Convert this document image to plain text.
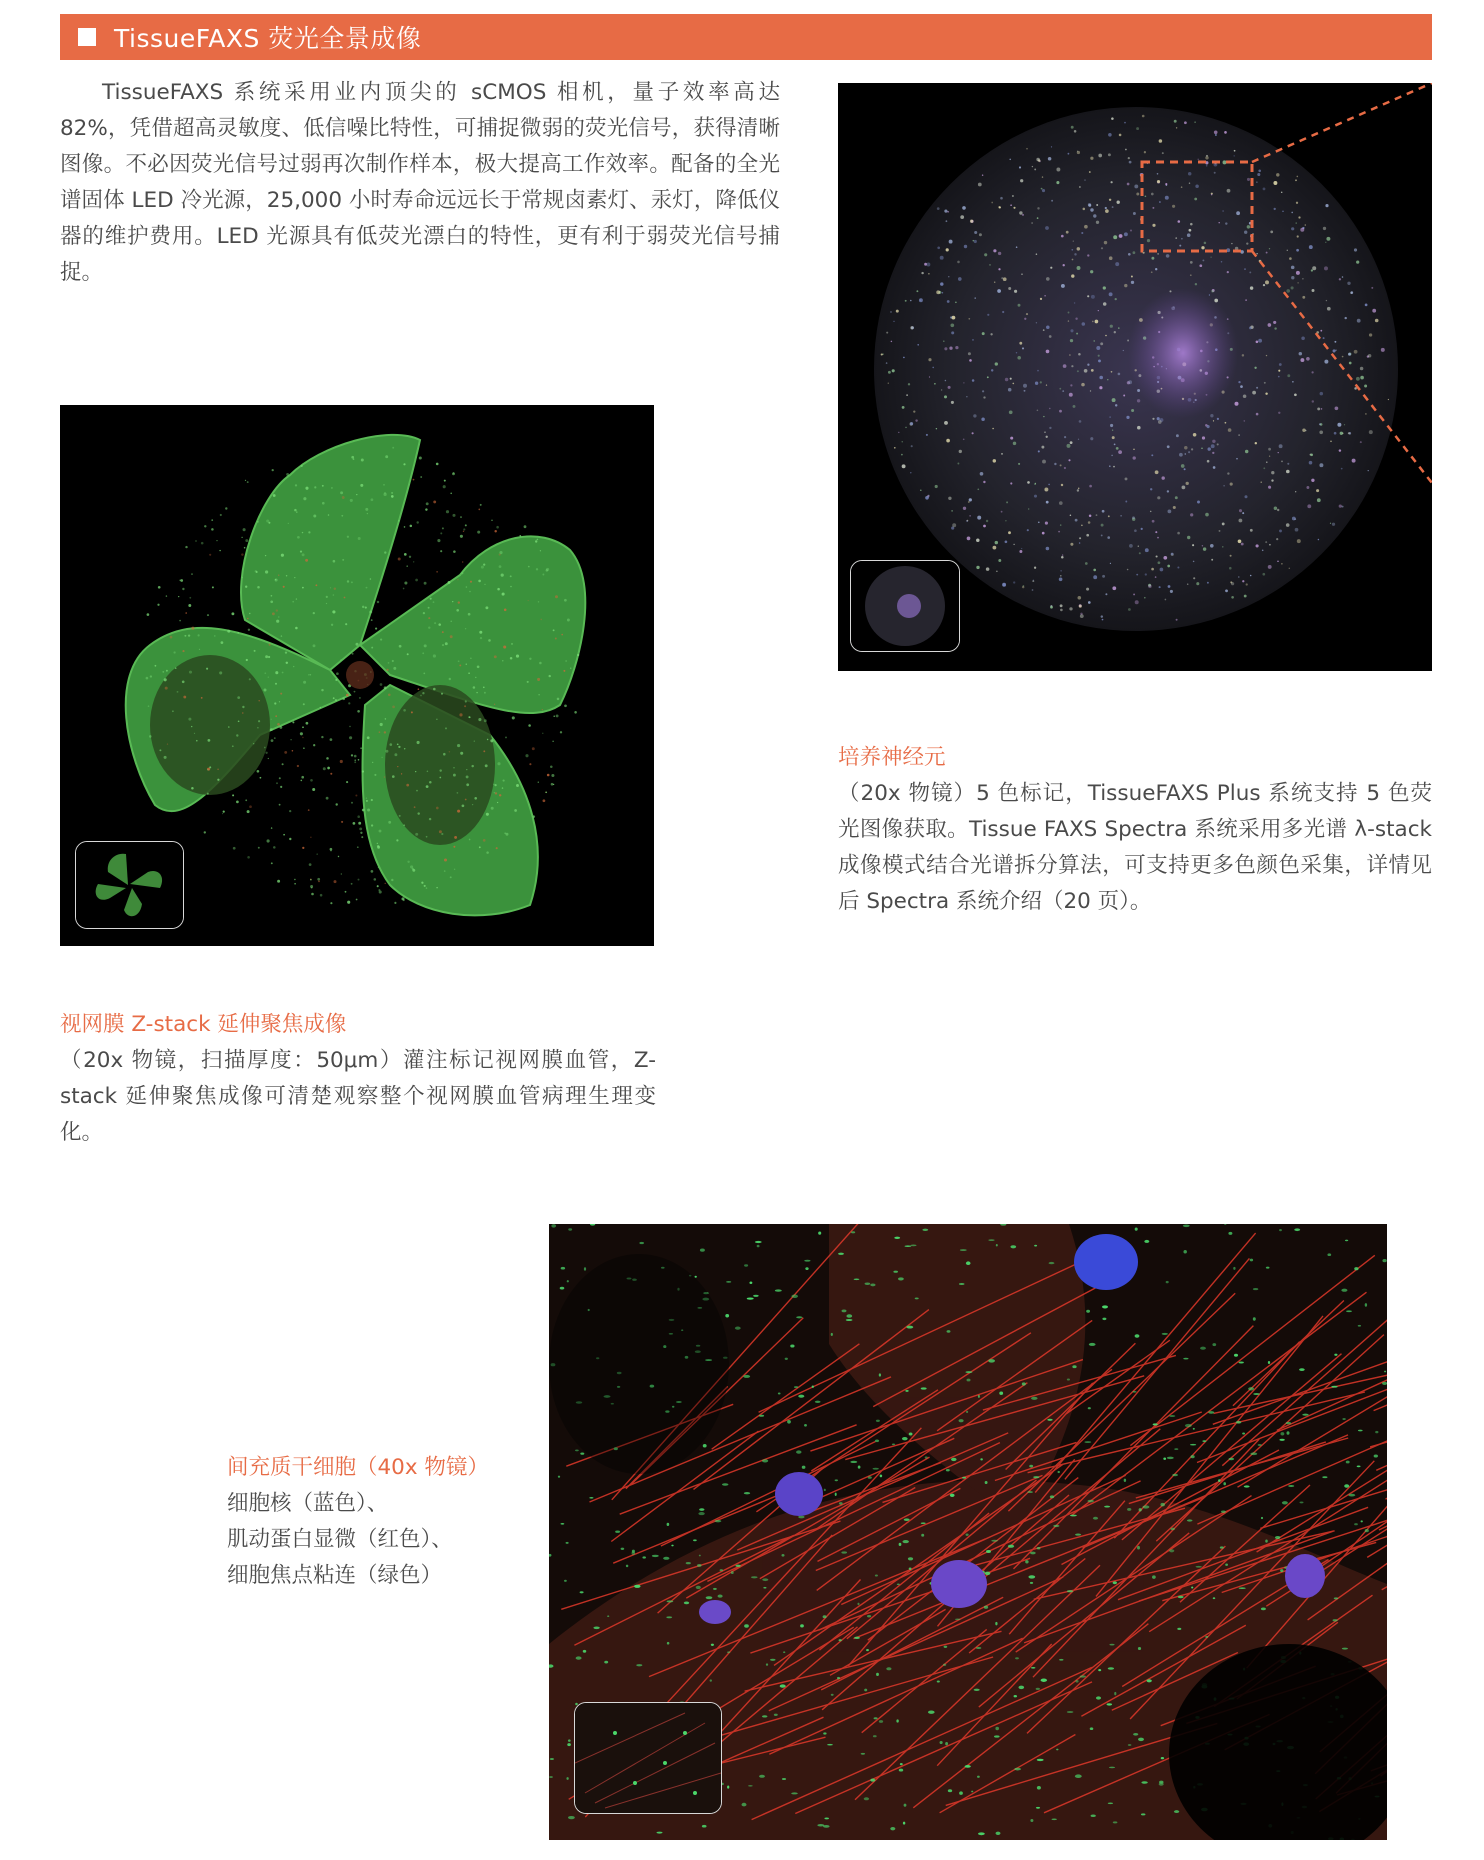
TissueFAXS 荧光全景成像

TissueFAXS 系统采用业内顶尖的 sCMOS 相机，量子效率高达 82%，凭借超高灵敏度、低信噪比特性，可捕捉微弱的荧光信号，获得清晰图像。不必因荧光信号过弱再次制作样本，极大提高工作效率。配备的全光谱固体 LED 冷光源，25,000 小时寿命远远长于常规卤素灯、汞灯，降低仪器的维护费用。LED 光源具有低荧光漂白的特性，更有利于弱荧光信号捕捉。

培养神经元
（20x 物镜）5 色标记，TissueFAXS Plus 系统支持 5 色荧光图像获取。Tissue FAXS Spectra 系统采用多光谱 λ-stack 成像模式结合光谱拆分算法，可支持更多色颜色采集，详情见后 Spectra 系统介绍（20 页）。
视网膜 Z-stack 延伸聚焦成像
（20x 物镜，扫描厚度：50μm）灌注标记视网膜血管，Z-stack 延伸聚焦成像可清楚观察整个视网膜血管病理生理变化。
间充质干细胞（40x 物镜）
细胞核（蓝色）、
肌动蛋白显微（红色）、
细胞焦点粘连（绿色）
